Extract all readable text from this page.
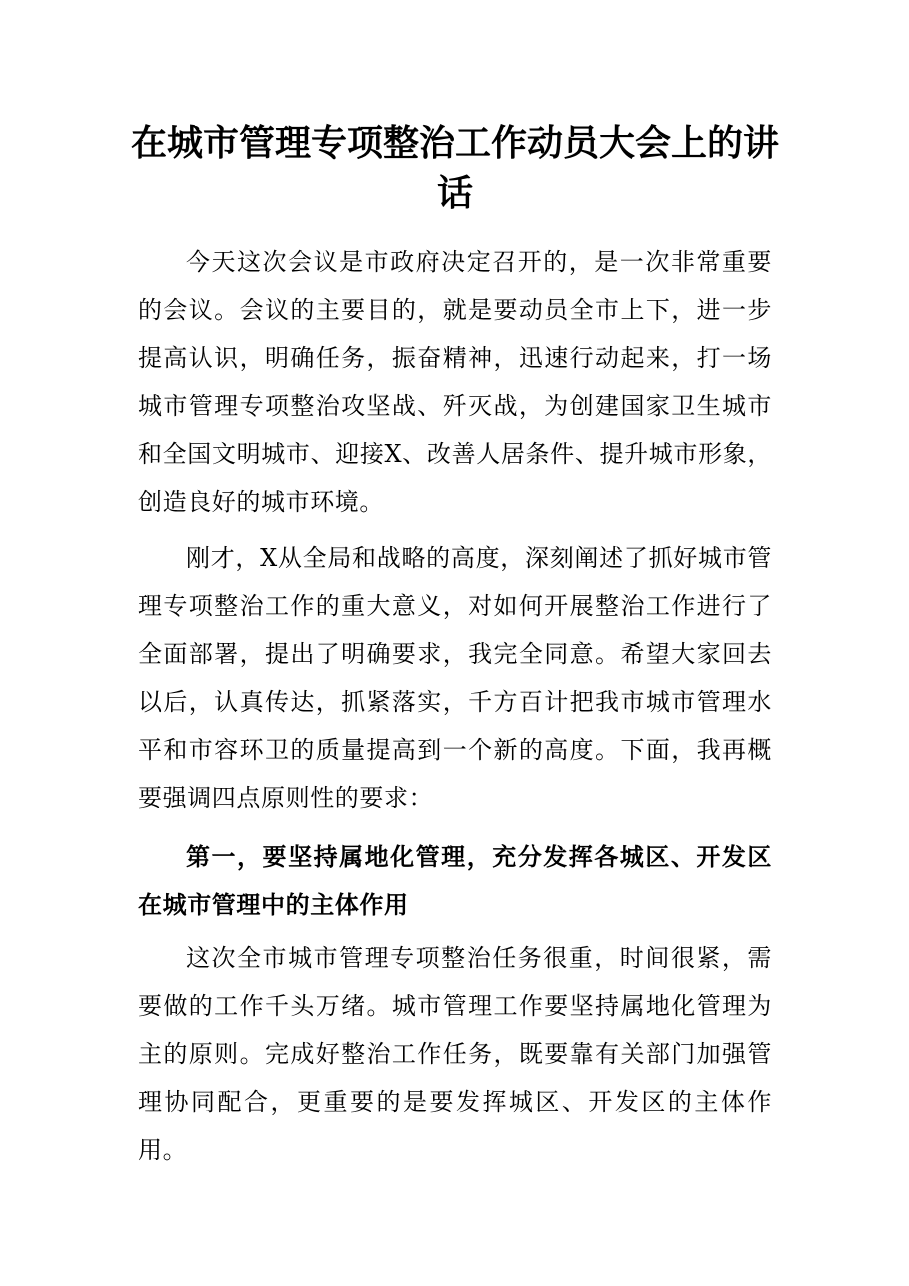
在城市管理专项整治工作动员大会上的讲话

今天这次会议是市政府决定召开的，是一次非常重要的会议。会议的主要目的，就是要动员全市上下，进一步提高认识，明确任务，振奋精神，迅速行动起来，打一场城市管理专项整治攻坚战、歼灭战，为创建国家卫生城市和全国文明城市、迎接X、改善人居条件、提升城市形象，创造良好的城市环境。

刚才，X从全局和战略的高度，深刻阐述了抓好城市管理专项整治工作的重大意义，对如何开展整治工作进行了全面部署，提出了明确要求，我完全同意。希望大家回去以后，认真传达，抓紧落实，千方百计把我市城市管理水平和市容环卫的质量提高到一个新的高度。下面，我再概要强调四点原则性的要求：

第一，要坚持属地化管理，充分发挥各城区、开发区在城市管理中的主体作用

这次全市城市管理专项整治任务很重，时间很紧，需要做的工作千头万绪。城市管理工作要坚持属地化管理为主的原则。完成好整治工作任务，既要靠有关部门加强管理协同配合，更重要的是要发挥城区、开发区的主体作用。
